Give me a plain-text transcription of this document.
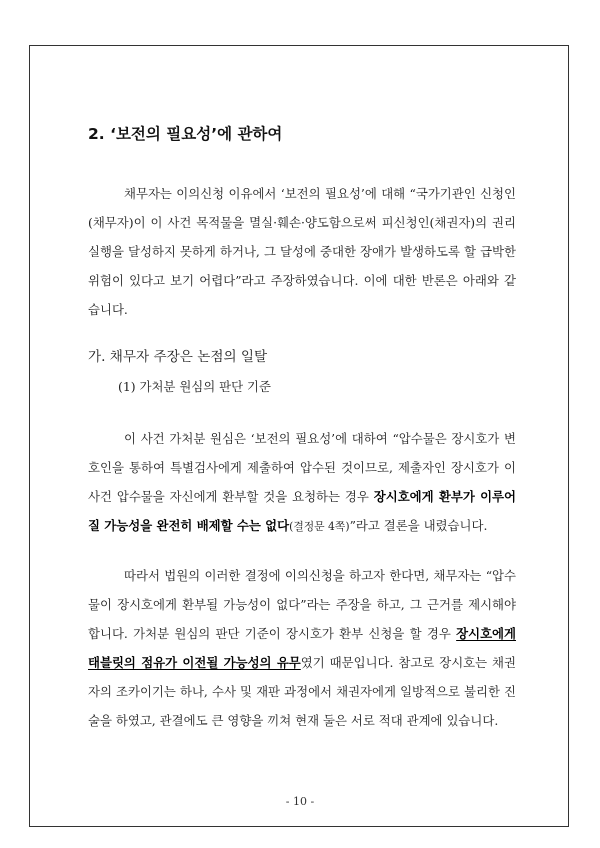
2. ‘보전의 필요성’에 관하여
채무자는 이의신청 이유에서 ‘보전의 필요성’에 대해 “국가기관인 신청인(채무자)이 이 사건 목적물을 멸실·훼손·양도함으로써 피신청인(채권자)의 권리 실행을 달성하지 못하게 하거나, 그 달성에 중대한 장애가 발생하도록 할 급박한 위험이 있다고 보기 어렵다”라고 주장하였습니다. 이에 대한 반론은 아래와 같습니다.
가. 채무자 주장은 논점의 일탈
(1) 가처분 원심의 판단 기준
이 사건 가처분 원심은 ‘보전의 필요성’에 대하여 “압수물은 장시호가 변호인을 통하여 특별검사에게 제출하여 압수된 것이므로, 제출자인 장시호가 이 사건 압수물을 자신에게 환부할 것을 요청하는 경우 장시호에게 환부가 이루어질 가능성을 완전히 배제할 수는 없다(결정문 4쪽)”라고 결론을 내렸습니다.
따라서 법원의 이러한 결정에 이의신청을 하고자 한다면, 채무자는 “압수물이 장시호에게 환부될 가능성이 없다”라는 주장을 하고, 그 근거를 제시해야 합니다. 가처분 원심의 판단 기준이 장시호가 환부 신청을 할 경우 장시호에게 태블릿의 점유가 이전될 가능성의 유무였기 때문입니다. 참고로 장시호는 채권자의 조카이기는 하나, 수사 및 재판 과정에서 채권자에게 일방적으로 불리한 진술을 하였고, 관결에도 큰 영향을 끼쳐 현재 둘은 서로 적대 관계에 있습니다.
- 10 -
